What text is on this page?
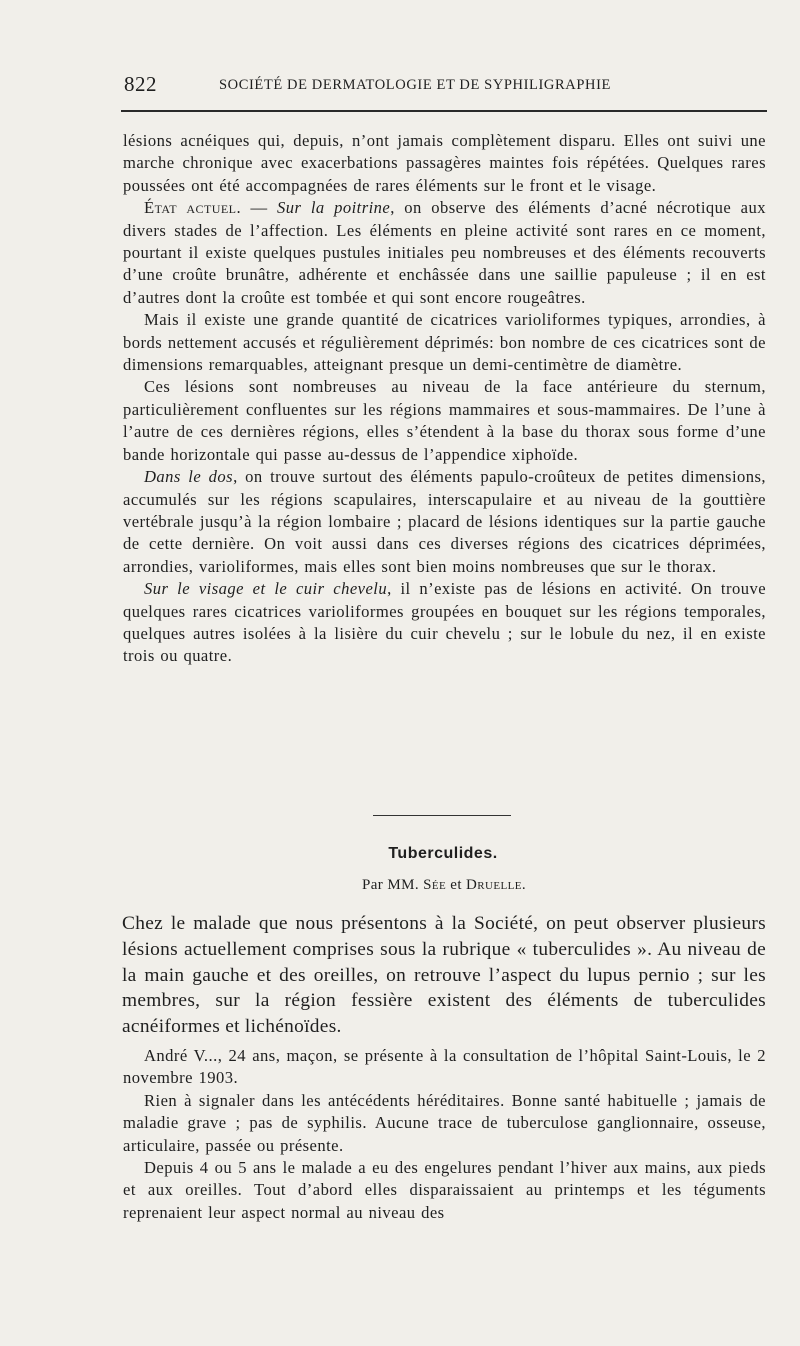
822	SOCIÉTÉ DE DERMATOLOGIE ET DE SYPHILIGRAPHIE

lésions acnéiques qui, depuis, n’ont jamais complètement disparu. Elles ont suivi une marche chronique avec exacerbations passagères maintes fois répétées. Quelques rares poussées ont été accompagnées de rares éléments sur le front et le visage.

État actuel. — Sur la poitrine, on observe des éléments d’acné nécrotique aux divers stades de l’affection. Les éléments en pleine activité sont rares en ce moment, pourtant il existe quelques pustules initiales peu nombreuses et des éléments recouverts d’une croûte brunâtre, adhérente et enchâssée dans une saillie papuleuse ; il en est d’autres dont la croûte est tombée et qui sont encore rougeâtres.

Mais il existe une grande quantité de cicatrices varioliformes typiques, arrondies, à bords nettement accusés et régulièrement déprimés: bon nombre de ces cicatrices sont de dimensions remarquables, atteignant presque un demi-centimètre de diamètre.

Ces lésions sont nombreuses au niveau de la face antérieure du sternum, particulièrement confluentes sur les régions mammaires et sous-mammaires. De l’une à l’autre de ces dernières régions, elles s’étendent à la base du thorax sous forme d’une bande horizontale qui passe au-dessus de l’appendice xiphoïde.

Dans le dos, on trouve surtout des éléments papulo-croûteux de petites dimensions, accumulés sur les régions scapulaires, interscapulaire et au niveau de la gouttière vertébrale jusqu’à la région lombaire ; placard de lésions identiques sur la partie gauche de cette dernière. On voit aussi dans ces diverses régions des cicatrices déprimées, arrondies, varioliformes, mais elles sont bien moins nombreuses que sur le thorax.

Sur le visage et le cuir chevelu, il n’existe pas de lésions en activité. On trouve quelques rares cicatrices varioliformes groupées en bouquet sur les régions temporales, quelques autres isolées à la lisière du cuir chevelu ; sur le lobule du nez, il en existe trois ou quatre.

Tuberculides.
Par MM. Sée et Druelle.

Chez le malade que nous présentons à la Société, on peut observer plusieurs lésions actuellement comprises sous la rubrique « tuberculides ». Au niveau de la main gauche et des oreilles, on retrouve l’aspect du lupus pernio ; sur les membres, sur la région fessière existent des éléments de tuberculides acnéiformes et lichénoïdes.

André V..., 24 ans, maçon, se présente à la consultation de l’hôpital Saint-Louis, le 2 novembre 1903.

Rien à signaler dans les antécédents héréditaires. Bonne santé habituelle ; jamais de maladie grave ; pas de syphilis. Aucune trace de tuberculose ganglionnaire, osseuse, articulaire, passée ou présente.

Depuis 4 ou 5 ans le malade a eu des engelures pendant l’hiver aux mains, aux pieds et aux oreilles. Tout d’abord elles disparaissaient au printemps et les téguments reprenaient leur aspect normal au niveau des
